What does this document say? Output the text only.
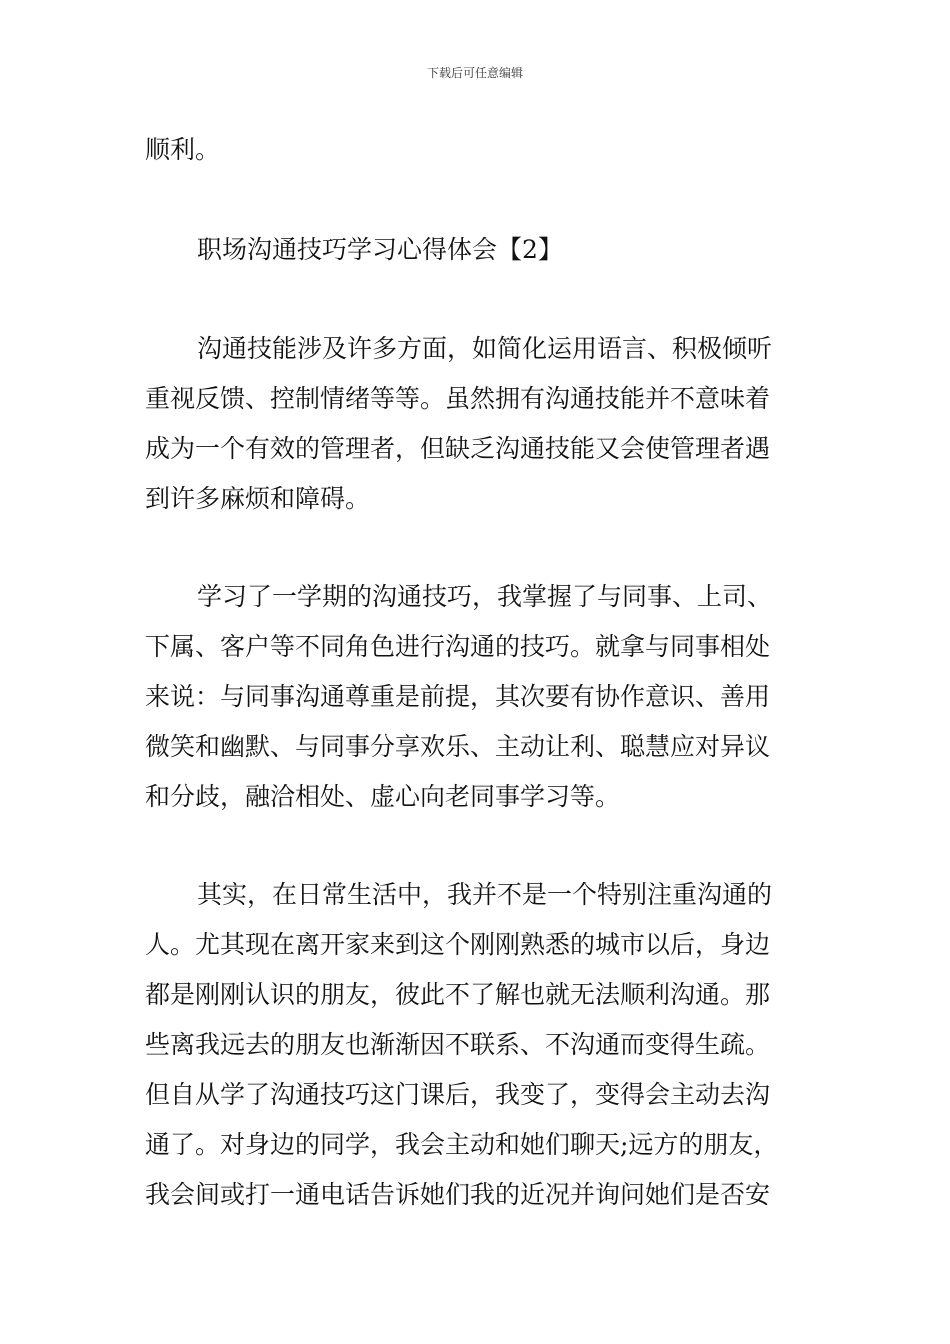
下载后可任意编辑
顺利。
职场沟通技巧学习心得体会【2】
沟通技能涉及许多方面，如简化运用语言、积极倾听
重视反馈、控制情绪等等。虽然拥有沟通技能并不意味着
成为一个有效的管理者，但缺乏沟通技能又会使管理者遇
到许多麻烦和障碍。
学习了一学期的沟通技巧，我掌握了与同事、上司、
下属、客户等不同角色进行沟通的技巧。就拿与同事相处
来说：与同事沟通尊重是前提，其次要有协作意识、善用
微笑和幽默、与同事分享欢乐、主动让利、聪慧应对异议
和分歧，融洽相处、虚心向老同事学习等。
其实，在日常生活中，我并不是一个特别注重沟通的
人。尤其现在离开家来到这个刚刚熟悉的城市以后，身边
都是刚刚认识的朋友，彼此不了解也就无法顺利沟通。那
些离我远去的朋友也渐渐因不联系、不沟通而变得生疏。
但自从学了沟通技巧这门课后，我变了，变得会主动去沟
通了。对身边的同学，我会主动和她们聊天;远方的朋友，
我会间或打一通电话告诉她们我的近况并询问她们是否安
